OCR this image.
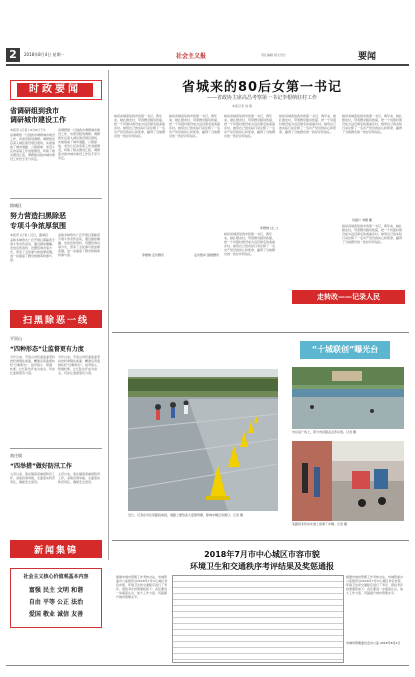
2	2018年8月4日 星期一	社会主义报	责任编辑 版式设计	要闻
时政要闻
省调研组到我市
调研城市建设工作
本报讯 (记者 ) 6月8日下午
省调研组一行到我市调研城市建设工作，市领导陪同调研。调研组先后深入城区建设项目现场，实地察看了城市道路、公园绿地、老旧小区改造等工作进展情况，听取了相关情况汇报。调研组对我市城市建设工作给予充分肯定。
省调研组一行到我市调研城市建设工作，市领导陪同调研。调研组先后深入城区建设项目现场，实地察看了城市道路、公园绿地、老旧小区改造等工作进展情况，听取了相关情况汇报。调研组对我市城市建设工作给予充分肯定。
路城区
努力营造扫黑除恶
专项斗争浓厚氛围
本报讯 (记者 ) 近日，路城区
采取多种形式广泛开展扫黑除恶专项斗争宣传活动，通过悬挂横幅、发放宣传资料、设置咨询台等方式，营造了全民参与的浓厚氛围，进一步提高了群众知晓率和参与度。
采取多种形式广泛开展扫黑除恶专项斗争宣传活动，通过悬挂横幅、发放宣传资料、设置咨询台等方式，营造了全民参与的浓厚氛围，进一步提高了群众知晓率和参与度。
扫黑除恶一线
平顶山
“四种形态”让监督更有力度
今年以来，平顶山市纪委监委坚持把纪律挺在前面，精准运用监督执纪“四种形态”，抓早抓小、防微杜渐，让红脸出汗成为常态，切实让监督更有力度。
今年以来，平顶山市纪委监委坚持把纪律挺在前面，精准运用监督执纪“四种形态”，抓早抓小、防微杜渐，让红脸出汗成为常态，切实让监督更有力度。
商庄镇
“四举措”做好防汛工作
入汛以来，商庄镇高度重视防汛工作，采取四项举措，全面落实防汛责任，确保安全度汛。
入汛以来，商庄镇高度重视防汛工作，采取四项举措，全面落实防汛责任，确保安全度汛。
新闻集锦
社会主义核心价值观基本内容
富强 民主 文明 和谐
自由 平等 公正 法治
爱国 敬业 诚信 友善
省城来的80后女第一书记
——省政协主席高昌考察第一书记李根纳驻村工作
本报记者 刘 翔
她是省城派驻我市的第一书记，两年来，她扎根农村，带领群众脱贫致富，把一个贫困村建设成为远近闻名的美丽乡村。她用自己的实际行动诠释了一名共产党员的初心和使命，赢得了当地群众的一致好评和信任。
她是省城派驻我市的第一书记，两年来，她扎根农村，带领群众脱贫致富，把一个贫困村建设成为远近闻名的美丽乡村。她用自己的实际行动诠释了一名共产党员的初心和使命，赢得了当地群众的一致好评和信任。
她是省城派驻我市的第一书记，两年来，她扎根农村，带领群众脱贫致富，把一个贫困村建设成为远近闻名的美丽乡村。她用自己的实际行动诠释了一名共产党员的初心和使命，赢得了当地群众的一致好评和信任。
她是省城派驻我市的第一书记，两年来，她扎根农村，带领群众脱贫致富，把一个贫困村建设成为远近闻名的美丽乡村。她用自己的实际行动诠释了一名共产党员的初心和使命，赢得了当地群众的一致好评和信任。
她是省城派驻我市的第一书记，两年来，她扎根农村，带领群众脱贫致富，把一个贫困村建设成为远近闻名的美丽乡村。她用自己的实际行动诠释了一名共产党员的初心和使命，赢得了当地群众的一致好评和信任。
李根纳 走访群众	走访慰问 困难群众
李根纳 (左二)
贫困户 刘翔 摄
她是省城派驻我市的第一书记，两年来，她扎根农村，带领群众脱贫致富，把一个贫困村建设成为远近闻名的美丽乡村。她用自己的实际行动诠释了一名共产党员的初心和使命，赢得了当地群众的一致好评和信任。
她是省城派驻我市的第一书记，两年来，她扎根农村，带领群众脱贫致富，把一个贫困村建设成为远近闻名的美丽乡村。她用自己的实际行动诠释了一名共产党员的初心和使命，赢得了当地群众的一致好评和信任。
走转改——记录人民
近日，记者在市区某路段看到，道路上摆放着大量锥形桶，影响车辆正常通行。记者 摄
“十城联创”曝光台
市区某广场上，部分市民随意丢弃垃圾。记者 摄
某路段非机动车道上停满了车辆。记者 摄
2018年7月市中心城区市容市貌
环境卫生和交通秩序考评结果及奖惩通报
根据市城市管理工作考核办法，市城管委办公室组织对2018年7月中心城区市容市貌、环境卫生和交通秩序进行了考评，现将考评结果通报如下：各区要进一步提高认识，加大工作力度，巩固提升城市管理水平。
根据市城市管理工作考核办法，市城管委办公室组织对2018年7月中心城区市容市貌、环境卫生和交通秩序进行了考评，现将考评结果通报如下：各区要进一步提高认识，加大工作力度，巩固提升城市管理水平。
市城市管理委员会办公室 2018年8月2日
